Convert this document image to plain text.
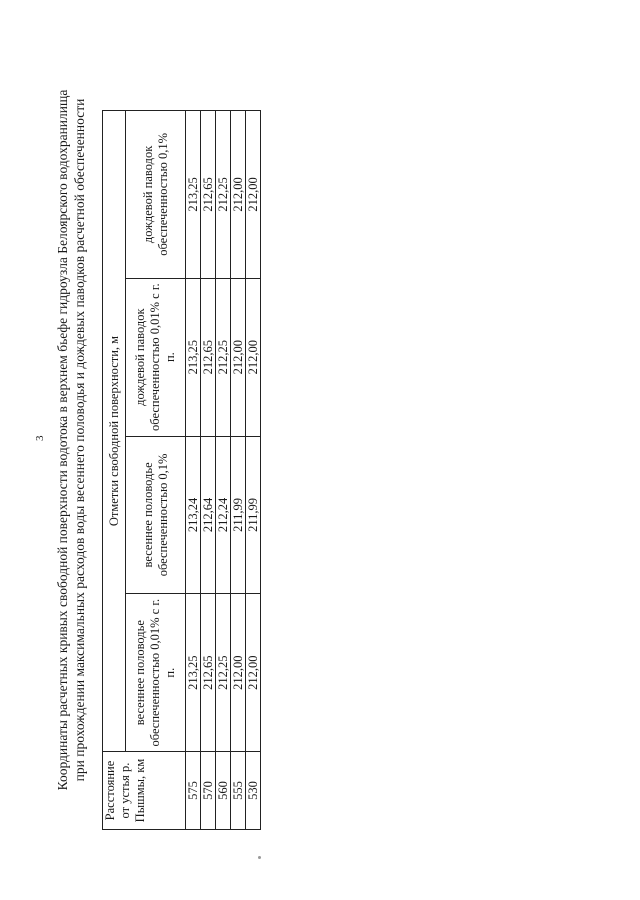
3 Координаты расчетных кривых свободной поверхности водотока в верхнем бьефе гидроузла Белоярского водохранилища при прохождении максимальных расходов воды весеннего половодья и дождевых паводков расчетной обеспеченности
Расстояние от устья р. Пышмы, км	Отметки свободной поверхности, м			
	весеннее половодье обеспеченностью 0,01% с г. п.	весеннее половодье обеспеченностью 0,1%	дождевой паводок обеспеченностью 0,01% с г. п.	дождевой паводок обеспеченностью 0,1%
575	213,25	213,24	213,25	213,25
570	212,65	212,64	212,65	212,65
560	212,25	212,24	212,25	212,25
555	212,00	211,99	212,00	212,00
530	212,00	211,99	212,00	212,00
